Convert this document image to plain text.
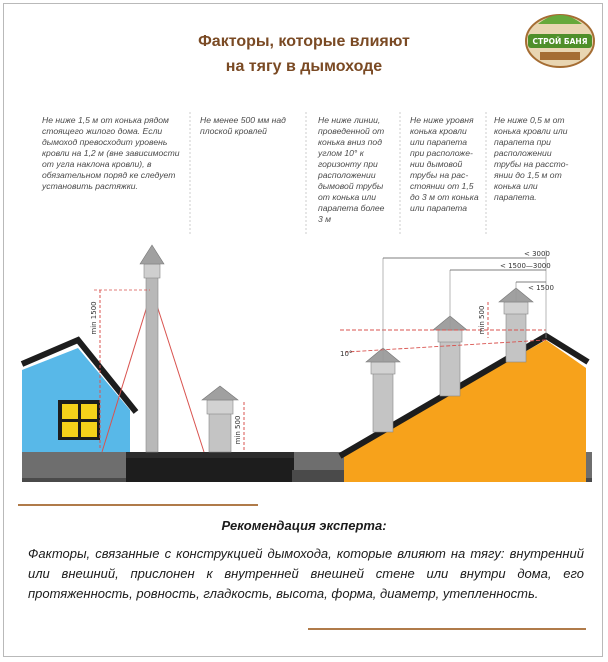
Факторы, которые влияют
на тягу в дымоходе
СТРОЙ БАНЯ
Не ниже 1,5 м от конька рядом стоящего жилого дома. Если дымоход превосходит уровень кровли на 1,2 м (вне зависимости от угла наклона кровли), в обязательном поряд ке следует установить растяжки.
Не менее 500 мм над плоской кровлей
Не ниже линии, проведенной от конька вниз под углом 10° к горизонту при расположении дымовой трубы от конька или парапета более 3 м
Не ниже уровня конька кровли или парапета при расположе-нии дымовой трубы на рас-стоянии от 1,5 до 3 м от конька или парапета
Не ниже 0,5 м от конька кровли или парапета при расположении трубы на рассто-янии до 1,5 м от конька или парапета.
min 1500
min 500
10°
< 3000
< 1500—3000
< 1500
min 500
Рекомендация эксперта:
Факторы, связанные с конструкцией дымохода, которые влияют на тягу: внутренний или внешний, прислонен к внутренней внешней стене или внутри дома, его протяженность, ровность, гладкость, высота, форма, диаметр, утепленность.
